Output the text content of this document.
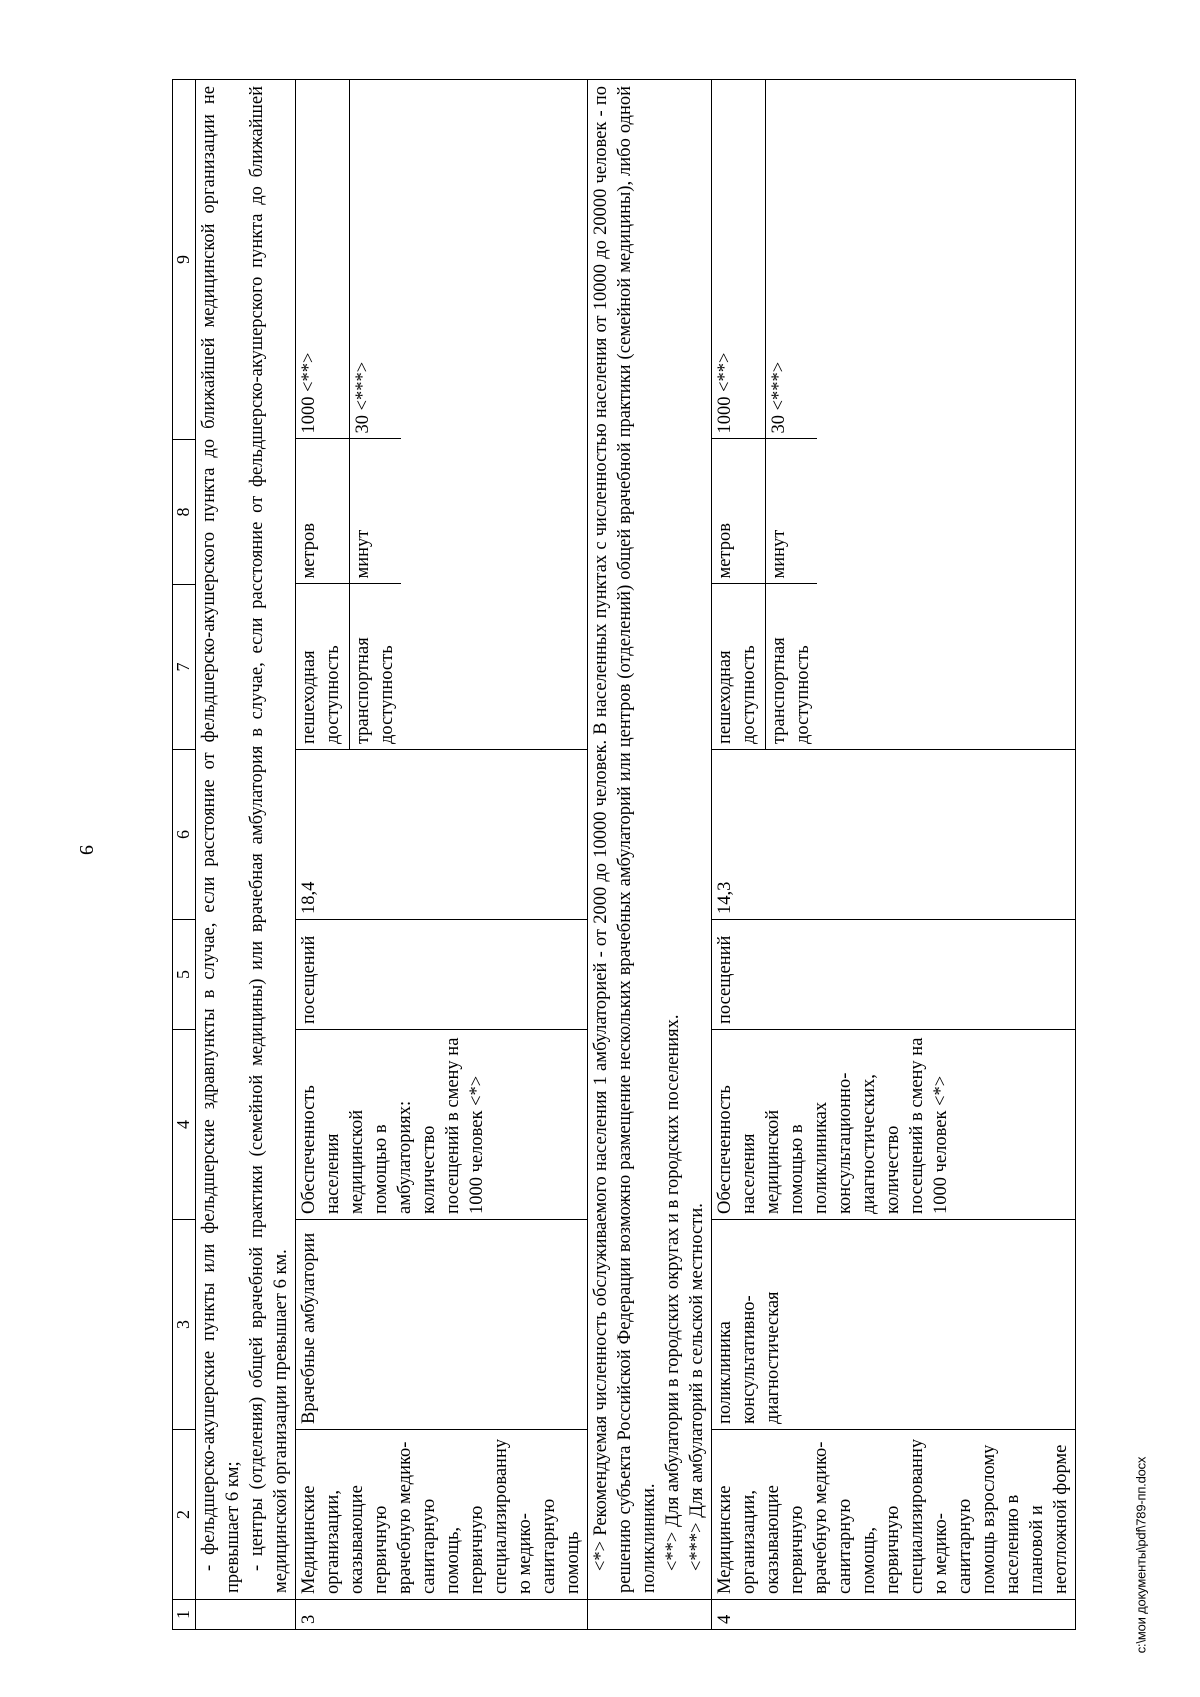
9
c:\мои документы\pdf\789-пп.docx
1	2	3	4	5	6	7	8	9

- фельдшерско-акушерские пункты или фельдшерские здравпункты в случае, если расстояние от фельдшерско-акушерского пункта до ближайшей медицинской организации не превышает 6 км; - центры (отделения) общей врачебной практики (семейной медицины) или врачебная амбулатория в случае, если расстояние от фельдшерско-акушерского пункта до ближайшей медицинской организации превышает 6 км.

3	Медицинские организации, оказывающие первичную врачебную медико-санитарную помощь, первичную специализированную медико-санитарную помощь	Врачебные амбулатории	Обеспеченность населения медицинской помощью в амбулаториях: количество посещений в смену на 1000 человек <*>	посещений	18,4	
пешеходная доступность	метров	1000 <**>
транспортная доступность	минут	30 <***>

		<*> Рекомендуемая численность обслуживаемого населения 1 амбулаторией - от 2000 до 10000 человек. В населенных пунктах с численностью населения от 10000 до 20000 человек - по решению субъекта Российской Федерации возможно размещение нескольких врачебных амбулаторий или центров (отделений) общей врачебной практики (семейной медицины), либо одной поликлиники. <**> Для амбулатории в городских округах и в городских поселениях. <***> Для амбулаторий в сельской местности.

4	Медицинские организации, оказывающие первичную врачебную медико-санитарную помощь, первичную специализированную медико-санитарную помощь взрослому населению в плановой и неотложной форме	поликлиника консультативно-диагностическая	Обеспеченность населения медицинской помощью в поликлиниках консультационно-диагностических, количество посещений в смену на 1000 человек <*>	посещений	14,3	
пешеходная доступность	метров	1000 <**>
транспортная доступность	минут	30 <***>
